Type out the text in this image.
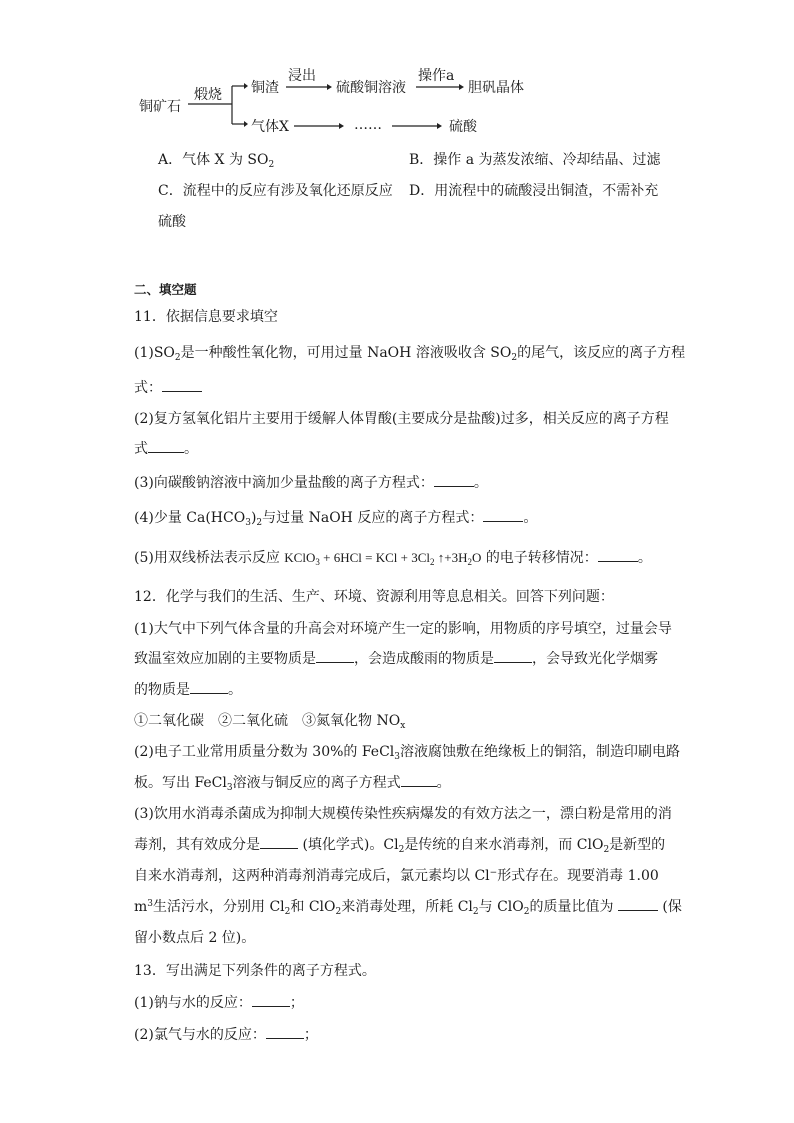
铜矿石
煅烧 铜渣
浸出
硫酸铜溶液
操作a
胆矾晶体
气体X	……	硫酸
A．气体 X 为 $SO_2$	B．操作 a 为蒸发浓缩、冷却结晶、过滤
C．流程中的反应有涉及氧化还原反应 D．用流程中的硫酸浸出铜渣，不需补充
硫酸
二、填空题
11．依据信息要求填空
$(1)SO_2$是一种酸性氧化物，可用过量 NaOH 溶液吸收含 $SO_2$的尾气，该反应的离子方程
式：
(2)复方氢氧化铝片主要用于缓解人体胃酸(主要成分是盐酸)过多，相关反应的离子方程
式	。
(3)向碳酸钠溶液中滴加少量盐酸的离子方程式：	。
(4)少量 $Ca(HCO_3)_2$与过量 NaOH 反应的离子方程式：	。
(5)用双线桥法表示反应 KClO$_3$ + 6HCl = KCl + $3Cl_2$ $↑+3H_2O$ 的电子转移情况：	。
12．化学与我们的生活、生产、环境、资源利用等息息相关。回答下列问题：
(1)大气中下列气体含量的升高会对环境产生一定的影响，用物质的序号填空，过量会导
致温室效应加剧的主要物质是	，会造成酸雨的物质是	，会导致光化学烟雾
的物质是	。
①二氧化碳　②二氧化硫　③氮氧化物 $NO_x$
(2)电子工业常用质量分数为 30%的 FeCl$_3$溶液腐蚀敷在绝缘板上的铜箔，制造印刷电路
板。写出 FeCl$_3$溶液与铜反应的离子方程式	。
(3)饮用水消毒杀菌成为抑制大规模传染性疾病爆发的有效方法之一，漂白粉是常用的消
毒剂，其有效成分是	(填化学式)。$Cl_2$是传统的自来水消毒剂，而 ClO$_2$是新型的
自来水消毒剂，这两种消毒剂消毒完成后，氯元素均以 Cl−形式存在。现要消毒 1.00
$m^3$生活污水，分别用 $Cl_2$和 ClO$_2$来消毒处理，所耗 $Cl_2$与 ClO$_2$的质量比值为	(保
留小数点后 2 位)。
13．写出满足下列条件的离子方程式。
(1)钠与水的反应：	；
(2)氯气与水的反应：	；
